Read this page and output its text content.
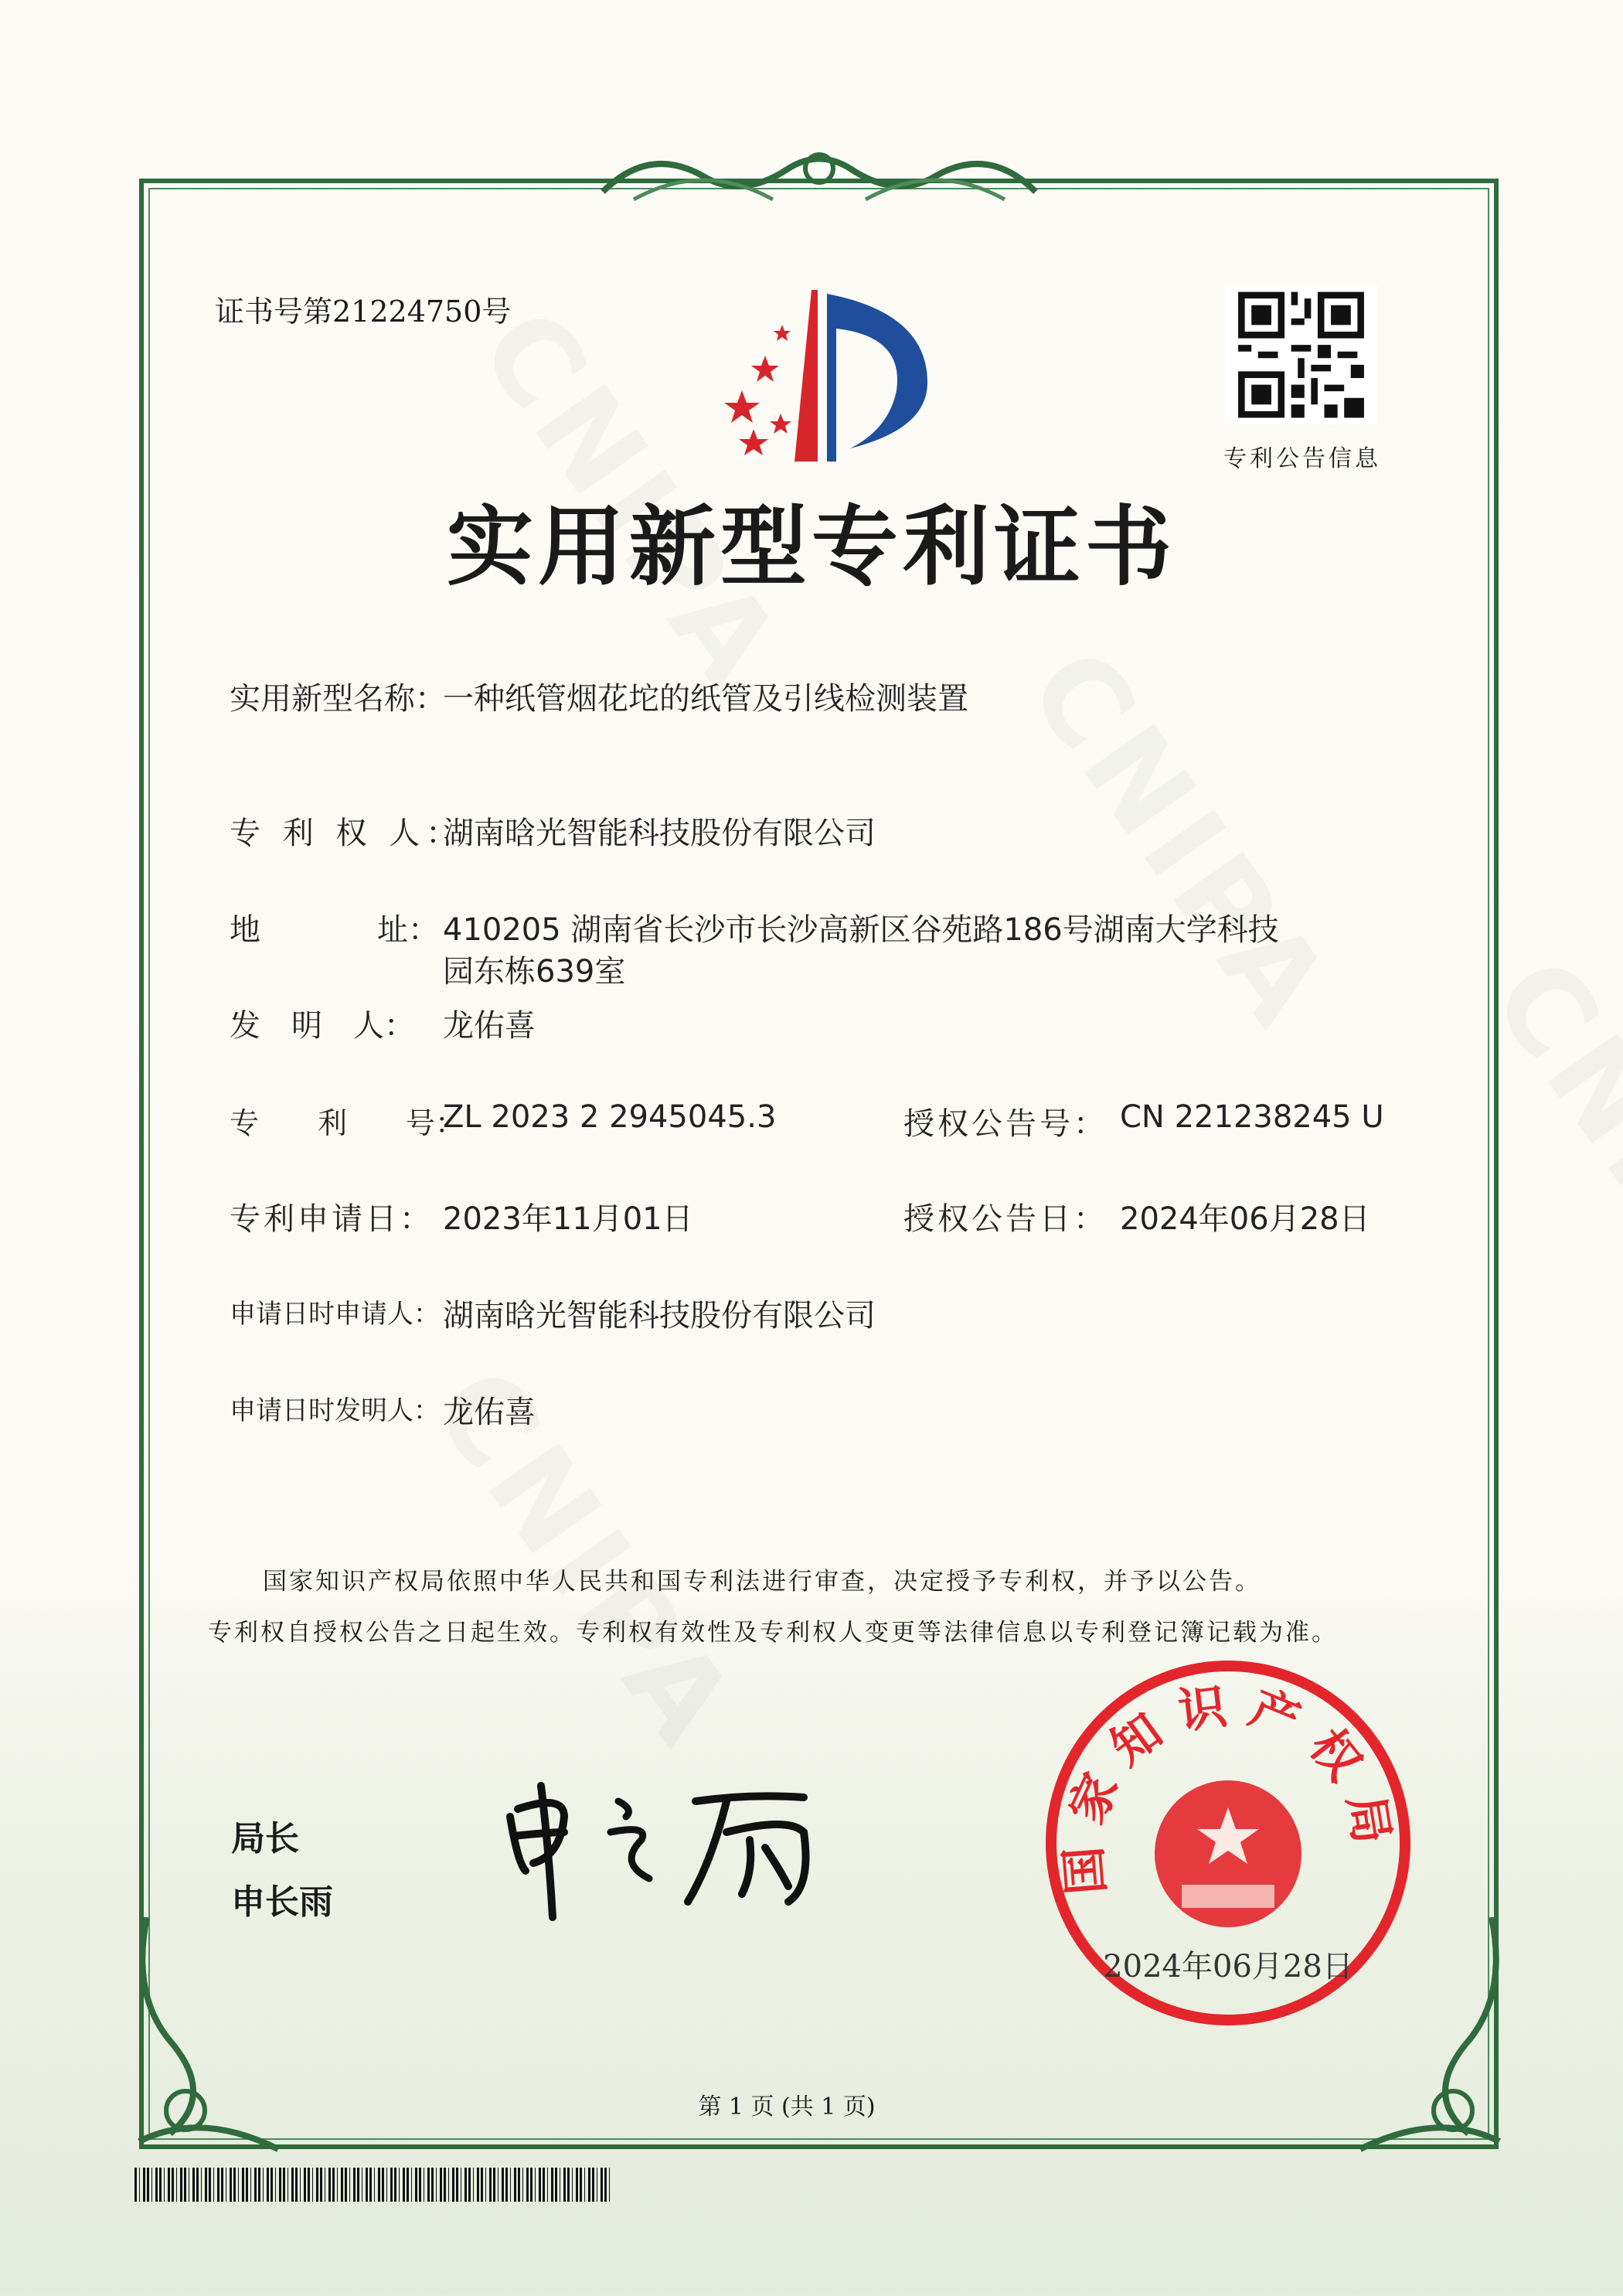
证书号第21224750号
专利公告信息
实用新型专利证书
实用新型名称：
一种纸管烟花坨的纸管及引线检测装置
专 利 权 人：
湖南晗光智能科技股份有限公司
地	址： 410205 湖南省长沙市长沙高新区谷苑路186号湖南大学科技
园东栋639室
发　明　人： 龙佑喜
专　　利　　号：
ZL 2023 2 2945045.3	授权公告号： CN 221238245 U
专利申请日： 2023年11月01日	授权公告日： 2024年06月28日
申请日时申请人： 湖南晗光智能科技股份有限公司
申请日时发明人： 龙佑喜
国家知识产权局依照中华人民共和国专利法进行审查，决定授予专利权，并予以公告。
专利权自授权公告之日起生效。专利权有效性及专利权人变更等法律信息以专利登记簿记载为准。
局长
申长雨
国家知识产权局
2024年06月28日
第 1 页 (共 1 页)
